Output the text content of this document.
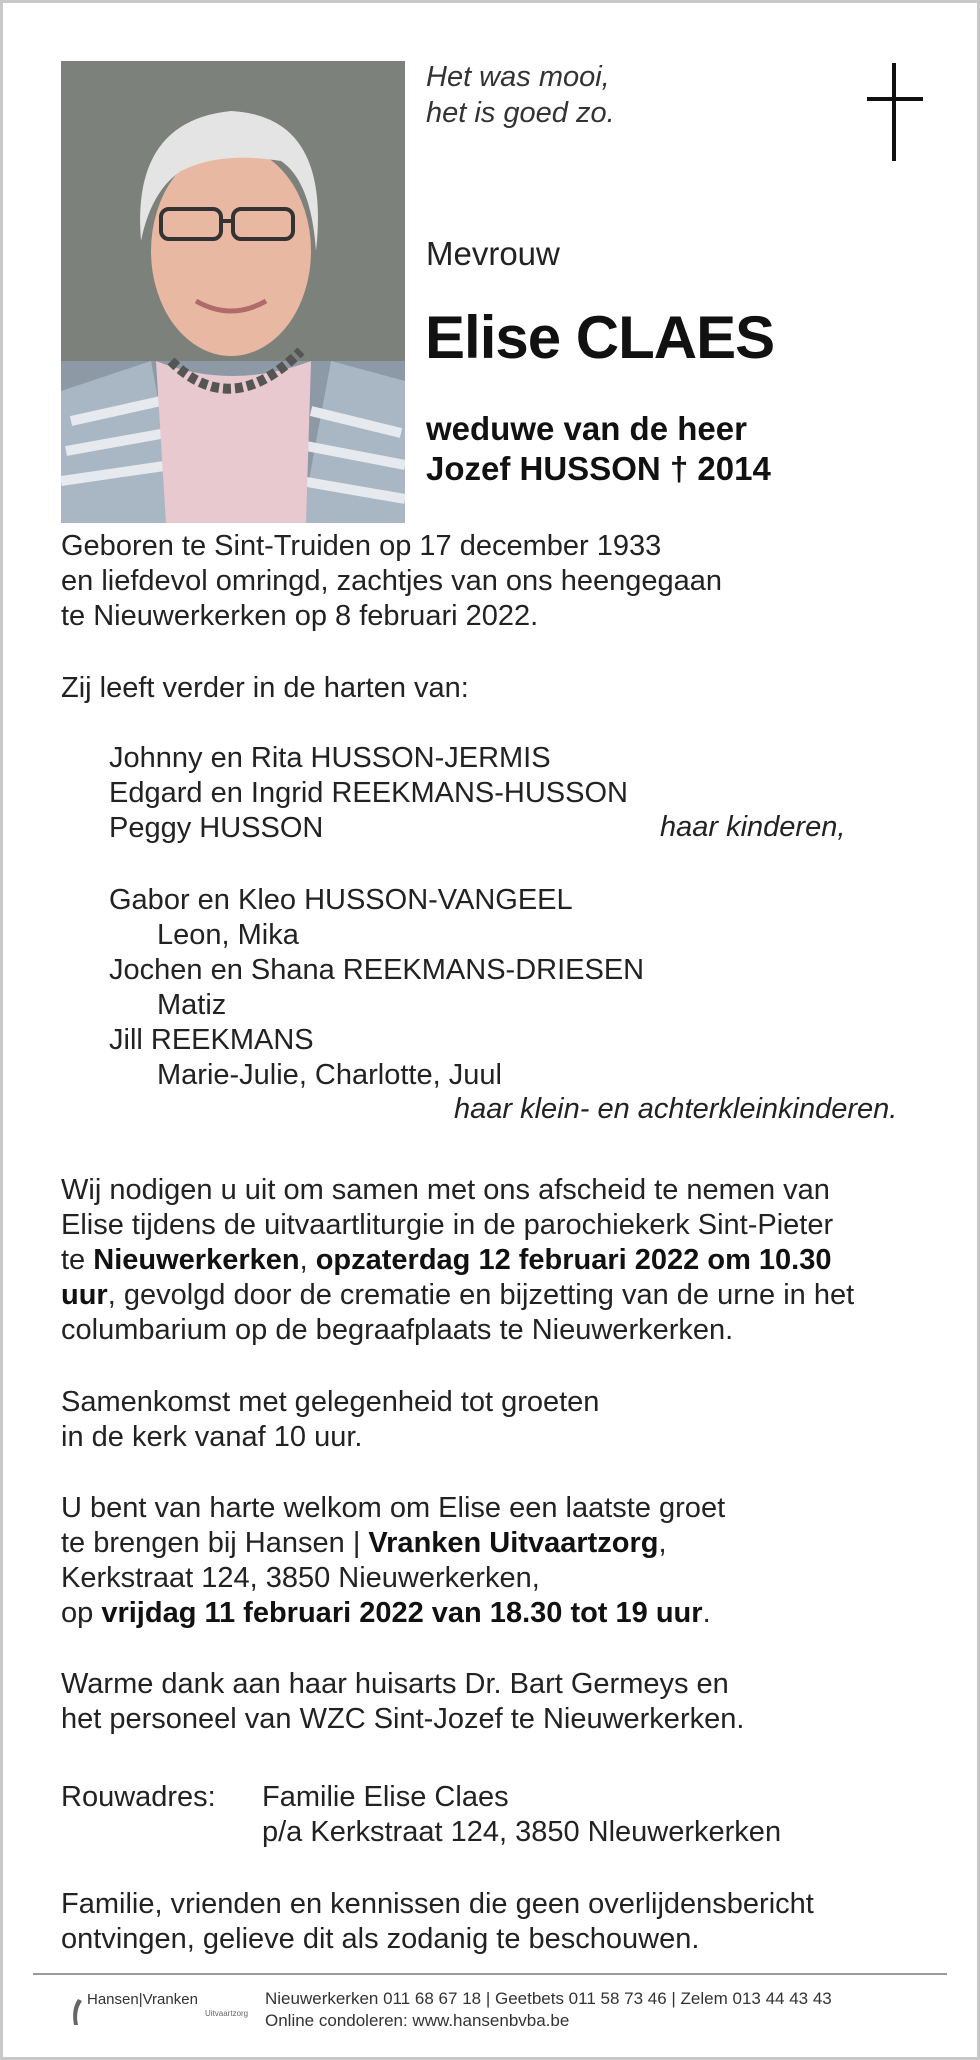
Het was mooi,
het is goed zo.
Mevrouw
Elise CLAES
weduwe van de heer
Jozef HUSSON † 2014
Geboren te Sint-Truiden op 17 december 1933
en liefdevol omringd, zachtjes van ons heengegaan
te Nieuwerkerken op 8 februari 2022.
Zij leeft verder in de harten van:
Johnny en Rita HUSSON-JERMIS
Edgard en Ingrid REEKMANS-HUSSON
Peggy HUSSON	haar kinderen,
Gabor en Kleo HUSSON-VANGEEL
Leon, Mika
Jochen en Shana REEKMANS-DRIESEN
Matiz
Jill REEKMANS
Marie-Julie, Charlotte, Juul
haar klein- en achterkleinkinderen.
Wij nodigen u uit om samen met ons afscheid te nemen van
Elise tijdens de uitvaartliturgie in de parochiekerk Sint-Pieter
te Nieuwerkerken, opzaterdag 12 februari 2022 om 10.30
uur, gevolgd door de crematie en bijzetting van de urne in het
columbarium op de begraafplaats te Nieuwerkerken.
Samenkomst met gelegenheid tot groeten
in de kerk vanaf 10 uur.
U bent van harte welkom om Elise een laatste groet
te brengen bij Hansen | Vranken Uitvaartzorg,
Kerkstraat 124, 3850 Nieuwerkerken,
op vrijdag 11 februari 2022 van 18.30 tot 19 uur.
Warme dank aan haar huisarts Dr. Bart Germeys en
het personeel van WZC Sint-Jozef te Nieuwerkerken.
Rouwadres: Familie Elise Claes
p/a Kerkstraat 124, 3850 Nleuwerkerken
Familie, vrienden en kennissen die geen overlijdensbericht
ontvingen, gelieve dit als zodanig te beschouwen.
Hansen|Vranken
Uitvaartzorg
Nieuwerkerken 011 68 67 18 | Geetbets 011 58 73 46 | Zelem 013 44 43 43
Online condoleren: www.hansenbvba.be
